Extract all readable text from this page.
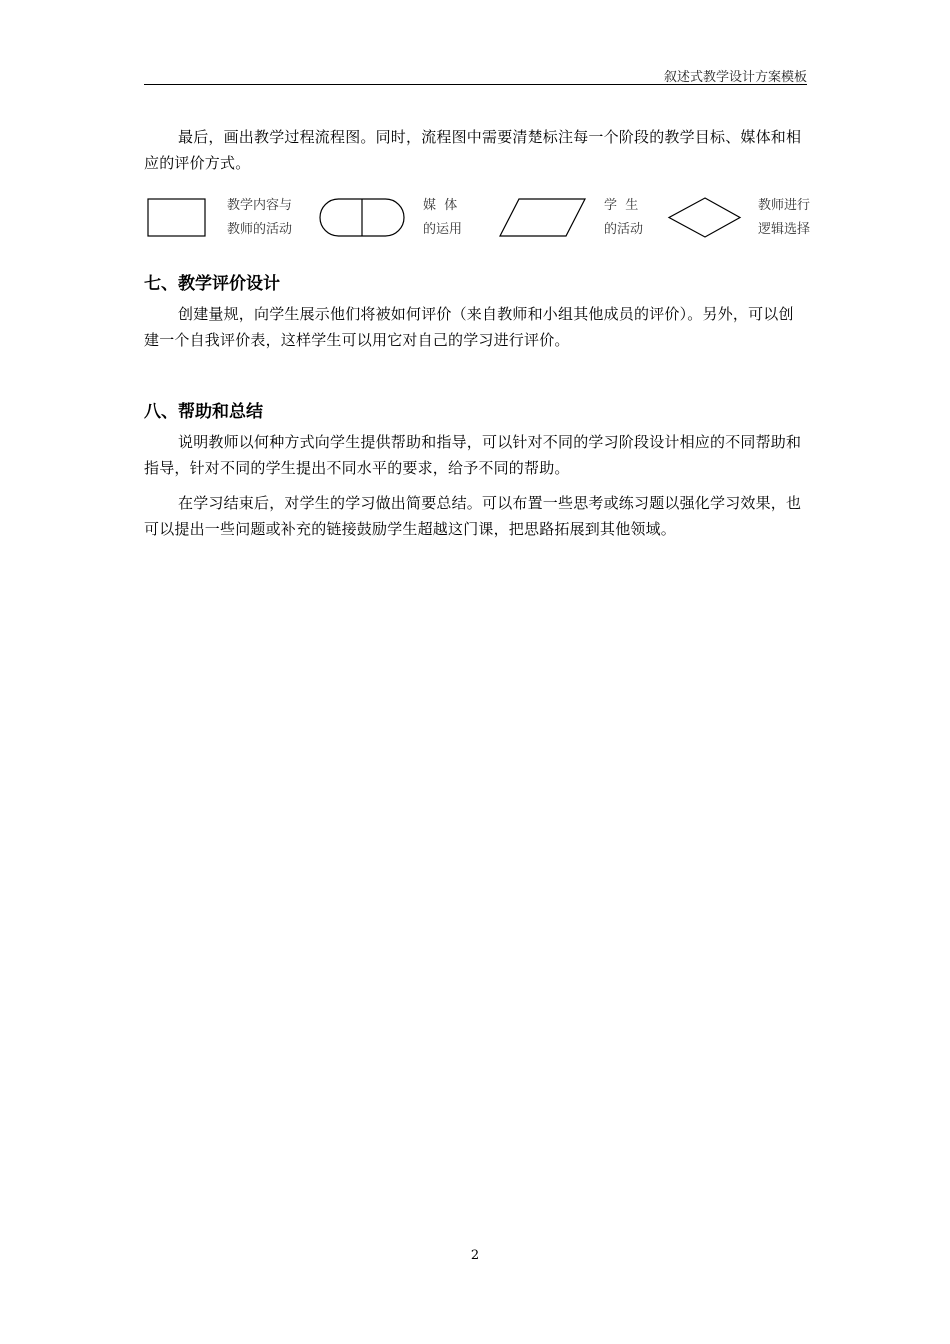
叙述式教学设计方案模板

最后，画出教学过程流程图。同时，流程图中需要清楚标注每一个阶段的教学目标、媒体和相应的评价方式。

教学内容与
教师的活动
媒  体
的运用
学  生
的活动
教师进行
逻辑选择
七、教学评价设计

创建量规，向学生展示他们将被如何评价（来自教师和小组其他成员的评价）。另外，可以创建一个自我评价表，这样学生可以用它对自己的学习进行评价。

八、帮助和总结

说明教师以何种方式向学生提供帮助和指导，可以针对不同的学习阶段设计相应的不同帮助和指导，针对不同的学生提出不同水平的要求，给予不同的帮助。

在学习结束后，对学生的学习做出简要总结。可以布置一些思考或练习题以强化学习效果，也可以提出一些问题或补充的链接鼓励学生超越这门课，把思路拓展到其他领域。

2
